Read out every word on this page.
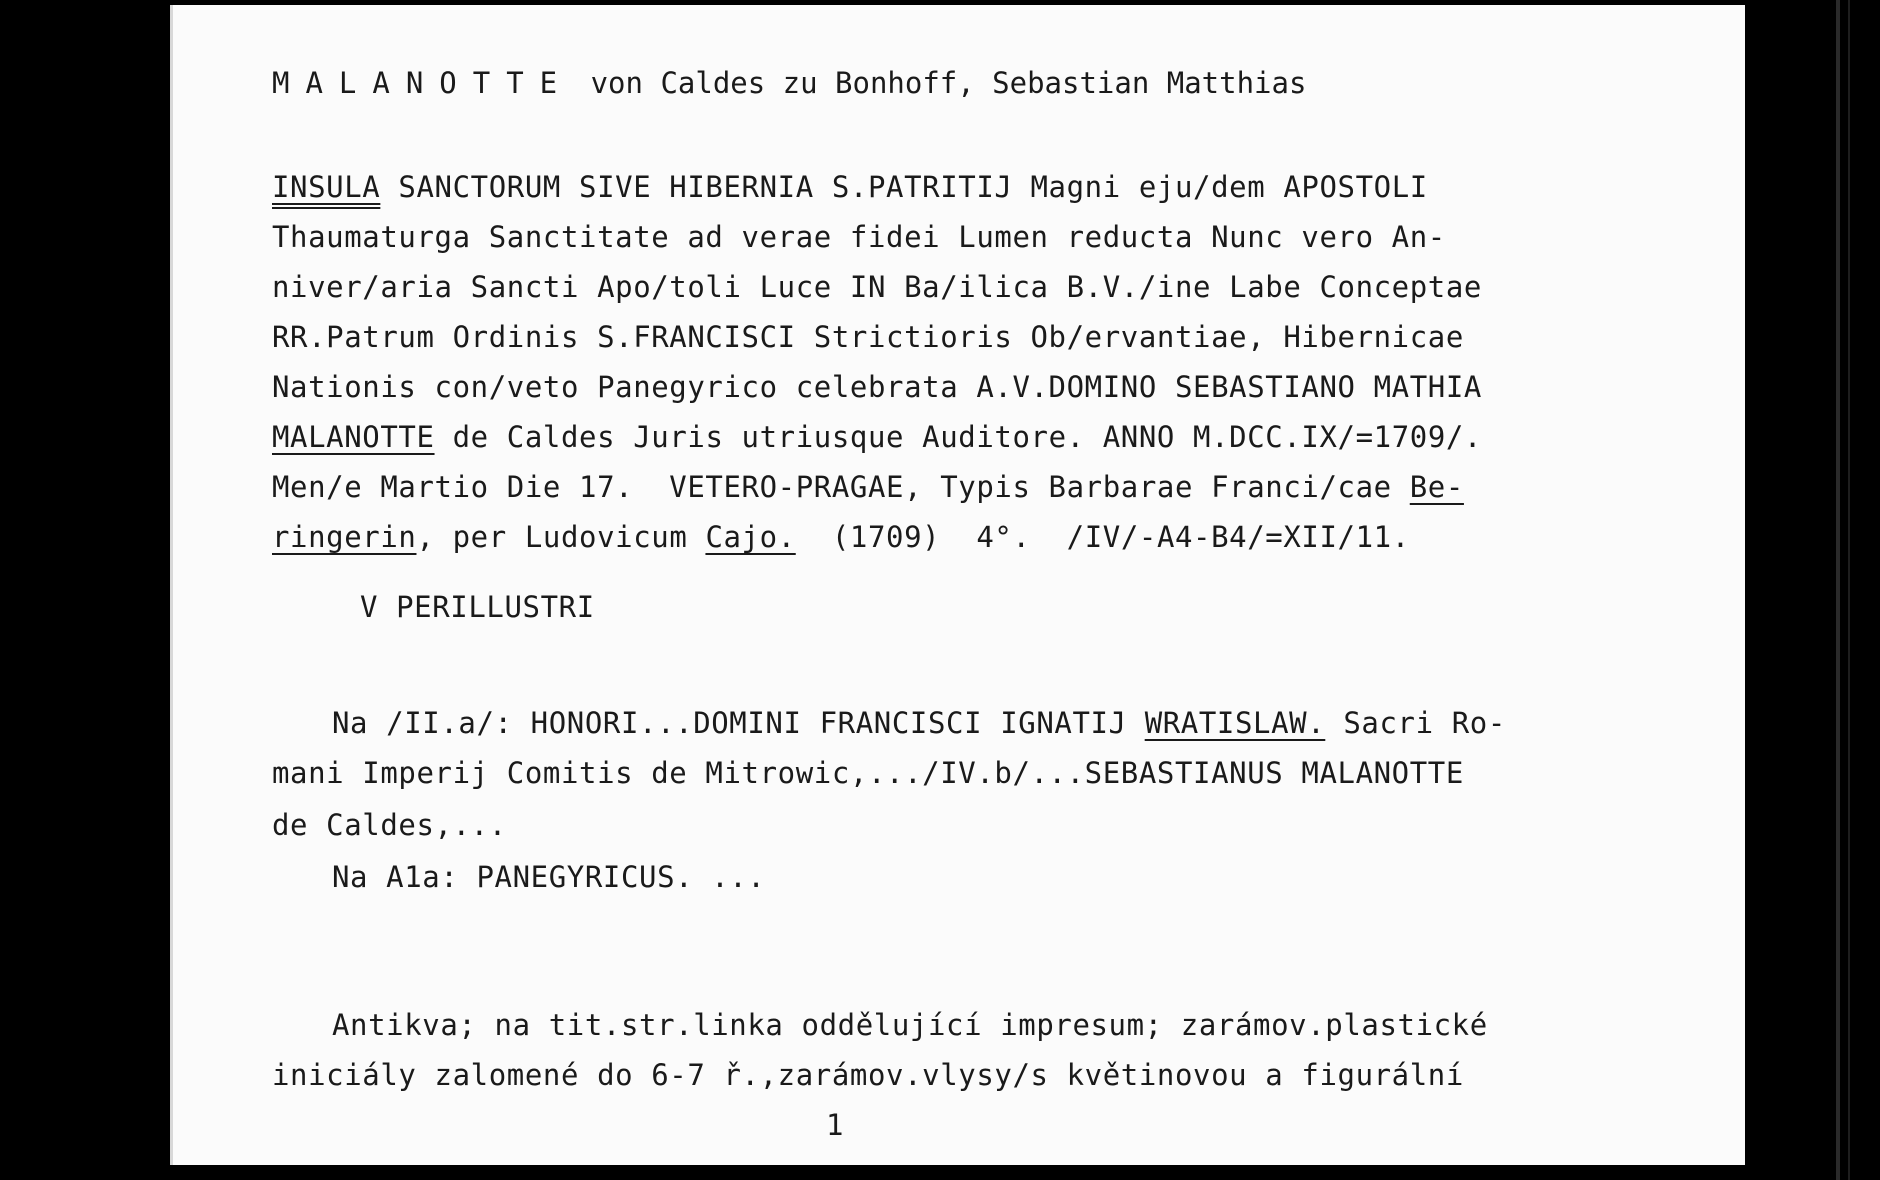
MALANOTTE von Caldes zu Bonhoff, Sebastian Matthias
INSULA SANCTORUM SIVE HIBERNIA S.PATRITIJ Magni eju/dem APOSTOLI
Thaumaturga Sanctitate ad verae fidei Lumen reducta Nunc vero An-
niver/aria Sancti Apo/toli Luce IN Ba/ilica B.V./ine Labe Conceptae
RR.Patrum Ordinis S.FRANCISCI Strictioris Ob/ervantiae, Hibernicae
Nationis con/veto Panegyrico celebrata A.V.DOMINO SEBASTIANO MATHIA
MALANOTTE de Caldes Juris utriusque Auditore. ANNO M.DCC.IX/=1709/.
Men/e Martio Die 17.  VETERO-PRAGAE, Typis Barbarae Franci/cae Be-
ringerin, per Ludovicum Cajo.  (1709)  4°.  /IV/-A4-B4/=XII/11.
V PERILLUSTRI
Na /II.a/: HONORI...DOMINI FRANCISCI IGNATIJ WRATISLAW. Sacri Ro-
mani Imperij Comitis de Mitrowic,.../IV.b/...SEBASTIANUS MALANOTTE
de Caldes,...
Na A1a: PANEGYRICUS. ...
Antikva; na tit.str.linka oddělující impresum; zarámov.plastické
iniciály zalomené do 6-7 ř.,zarámov.vlysy/s květinovou a figurální
1
